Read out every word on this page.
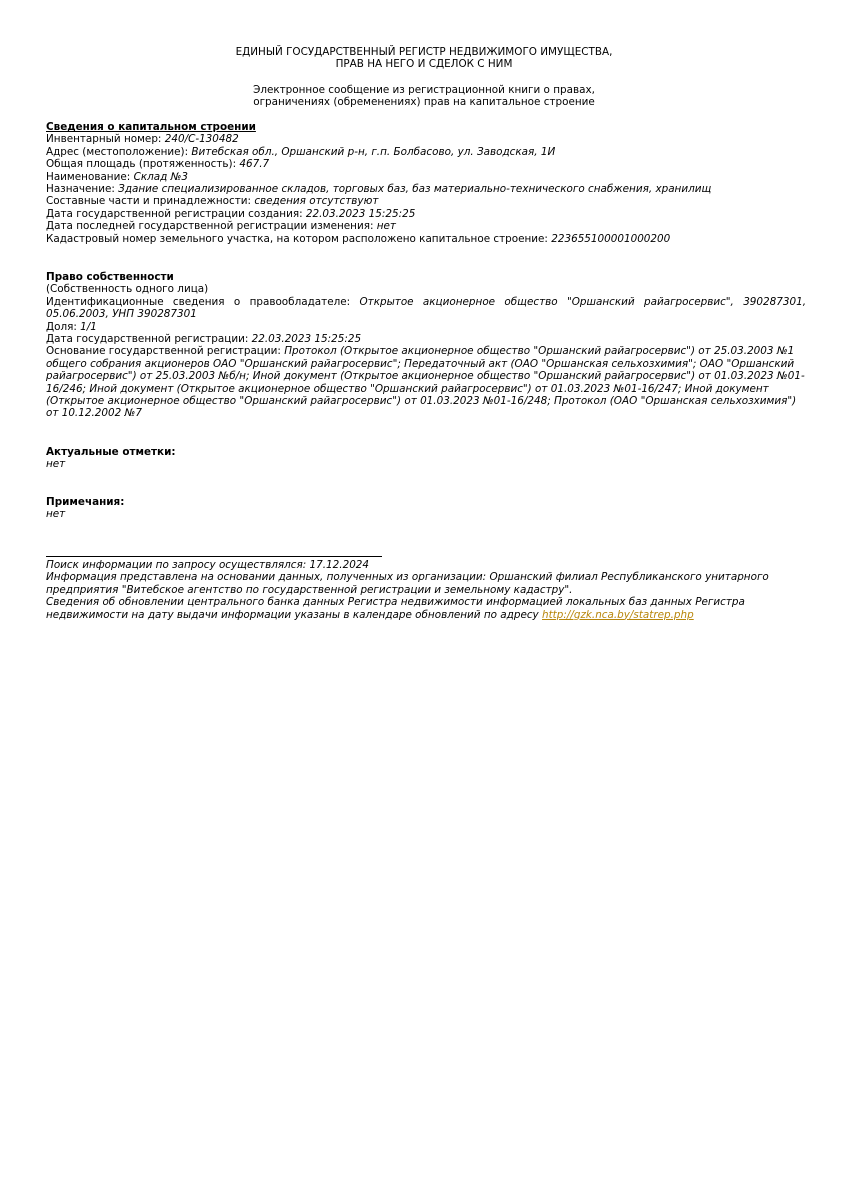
ЕДИНЫЙ ГОСУДАРСТВЕННЫЙ РЕГИСТР НЕДВИЖИМОГО ИМУЩЕСТВА,
ПРАВ НА НЕГО И СДЕЛОК С НИМ
Электронное сообщение из регистрационной книги о правах,
ограничениях (обременениях) прав на капитальное строение
Сведения о капитальном строении
Инвентарный номер: 240/C-130482
Адрес (местоположение): Витебская обл., Оршанский р-н, г.п. Болбасово, ул. Заводская, 1И
Общая площадь (протяженность): 467.7
Наименование: Склад №3
Назначение: Здание специализированное складов, торговых баз, баз материально-технического снабжения, хранилищ
Составные части и принадлежности: сведения отсутствуют
Дата государственной регистрации создания: 22.03.2023 15:25:25
Дата последней государственной регистрации изменения: нет
Кадастровый номер земельного участка, на котором расположено капитальное строение: 223655100001000200
Право собственности
(Собственность одного лица)
Идентификационные сведения о правообладателе: Открытое акционерное общество "Оршанский райагросервис", 390287301, 05.06.2003, УНП 390287301
Доля: 1/1
Дата государственной регистрации: 22.03.2023 15:25:25
Основание государственной регистрации: Протокол (Открытое акционерное общество "Оршанский райагросервис") от 25.03.2003 №1 общего собрания акционеров ОАО "Оршанский райагросервис"; Передаточный акт (ОАО "Оршанская сельхозхимия"; ОАО "Оршанский райагросервис") от 25.03.2003 №б/н; Иной документ (Открытое акционерное общество "Оршанский райагросервис") от 01.03.2023 №01-16/246; Иной документ (Открытое акционерное общество "Оршанский райагросервис") от 01.03.2023 №01-16/247; Иной документ (Открытое акционерное общество "Оршанский райагросервис") от 01.03.2023 №01-16/248; Протокол (ОАО "Оршанская сельхозхимия") от 10.12.2002 №7
Актуальные отметки:
нет
Примечания:
нет
Поиск информации по запросу осуществлялся: 17.12.2024
Информация представлена на основании данных, полученных из организации: Оршанский филиал Республиканского унитарного предприятия "Витебское агентство по государственной регистрации и земельному кадастру".
Сведения об обновлении центрального банка данных Регистра недвижимости информацией локальных баз данных Регистра недвижимости на дату выдачи информации указаны в календаре обновлений по адресу http://gzk.nca.by/statrep.php
